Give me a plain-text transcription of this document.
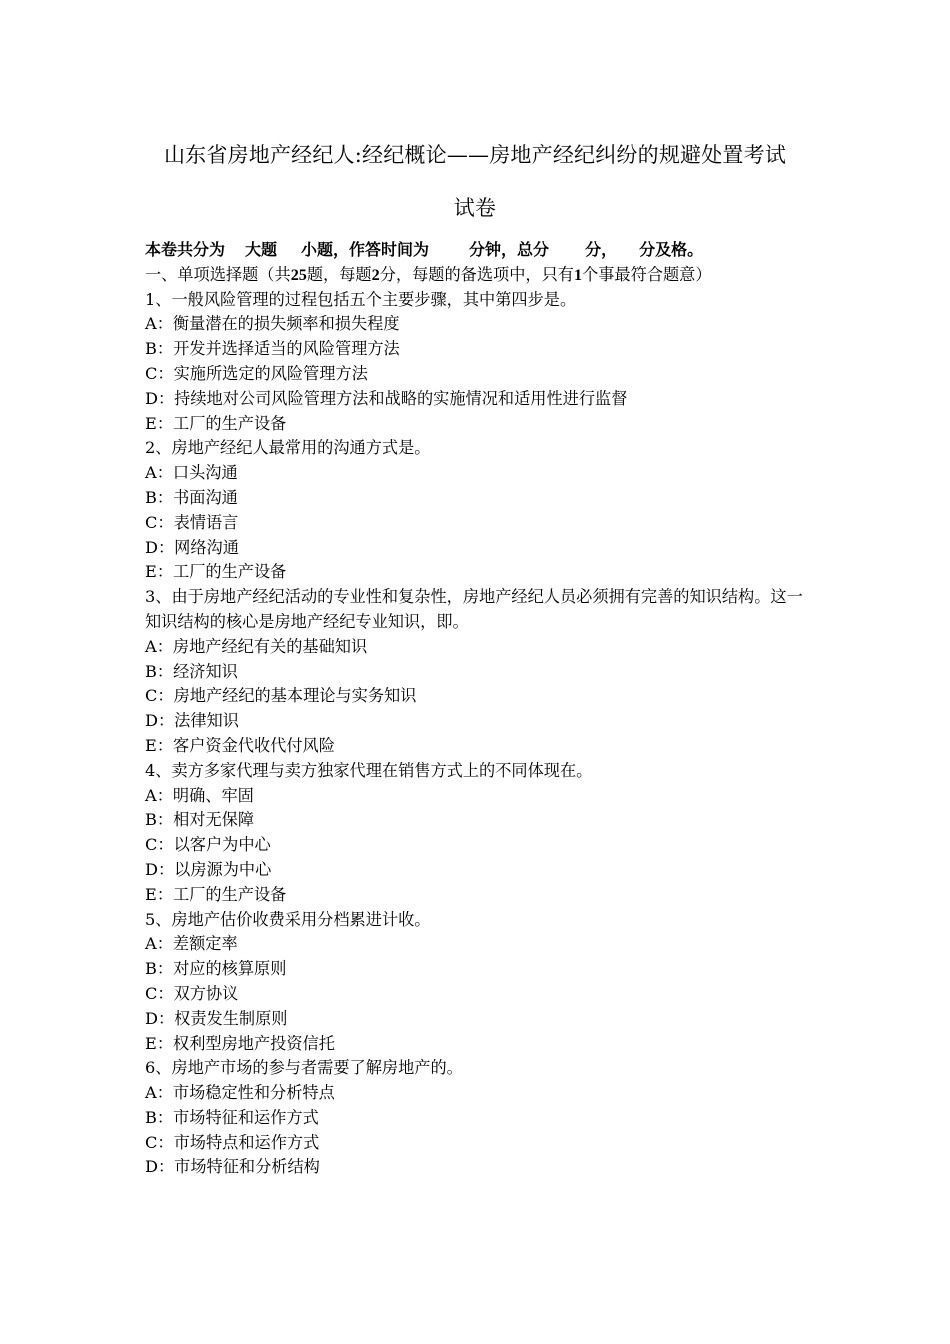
山东省房地产经纪人:经纪概论——房地产经纪纠纷的规避处置考试
试卷
本卷共分为 大题 小题，作答时间为	分钟，总分 分， 分及格。
一、单项选择题（共25题，每题2分，每题的备选项中，只有1个事最符合题意）
1、一般风险管理的过程包括五个主要步骤，其中第四步是。
A：衡量潜在的损失频率和损失程度
B：开发并选择适当的风险管理方法
C：实施所选定的风险管理方法
D：持续地对公司风险管理方法和战略的实施情况和适用性进行监督
E：工厂的生产设备
2、房地产经纪人最常用的沟通方式是。
A：口头沟通
B：书面沟通
C：表情语言
D：网络沟通
E：工厂的生产设备
3、由于房地产经纪活动的专业性和复杂性，房地产经纪人员必须拥有完善的知识结构。这一知识结构的核心是房地产经纪专业知识，即。
A：房地产经纪有关的基础知识
B：经济知识
C：房地产经纪的基本理论与实务知识
D：法律知识
E：客户资金代收代付风险
4、卖方多家代理与卖方独家代理在销售方式上的不同体现在。
A：明确、牢固
B：相对无保障
C：以客户为中心
D：以房源为中心
E：工厂的生产设备
5、房地产估价收费采用分档累进计收。
A：差额定率
B：对应的核算原则
C：双方协议
D：权责发生制原则
E：权利型房地产投资信托
6、房地产市场的参与者需要了解房地产的。
A：市场稳定性和分析特点
B：市场特征和运作方式
C：市场特点和运作方式
D：市场特征和分析结构
